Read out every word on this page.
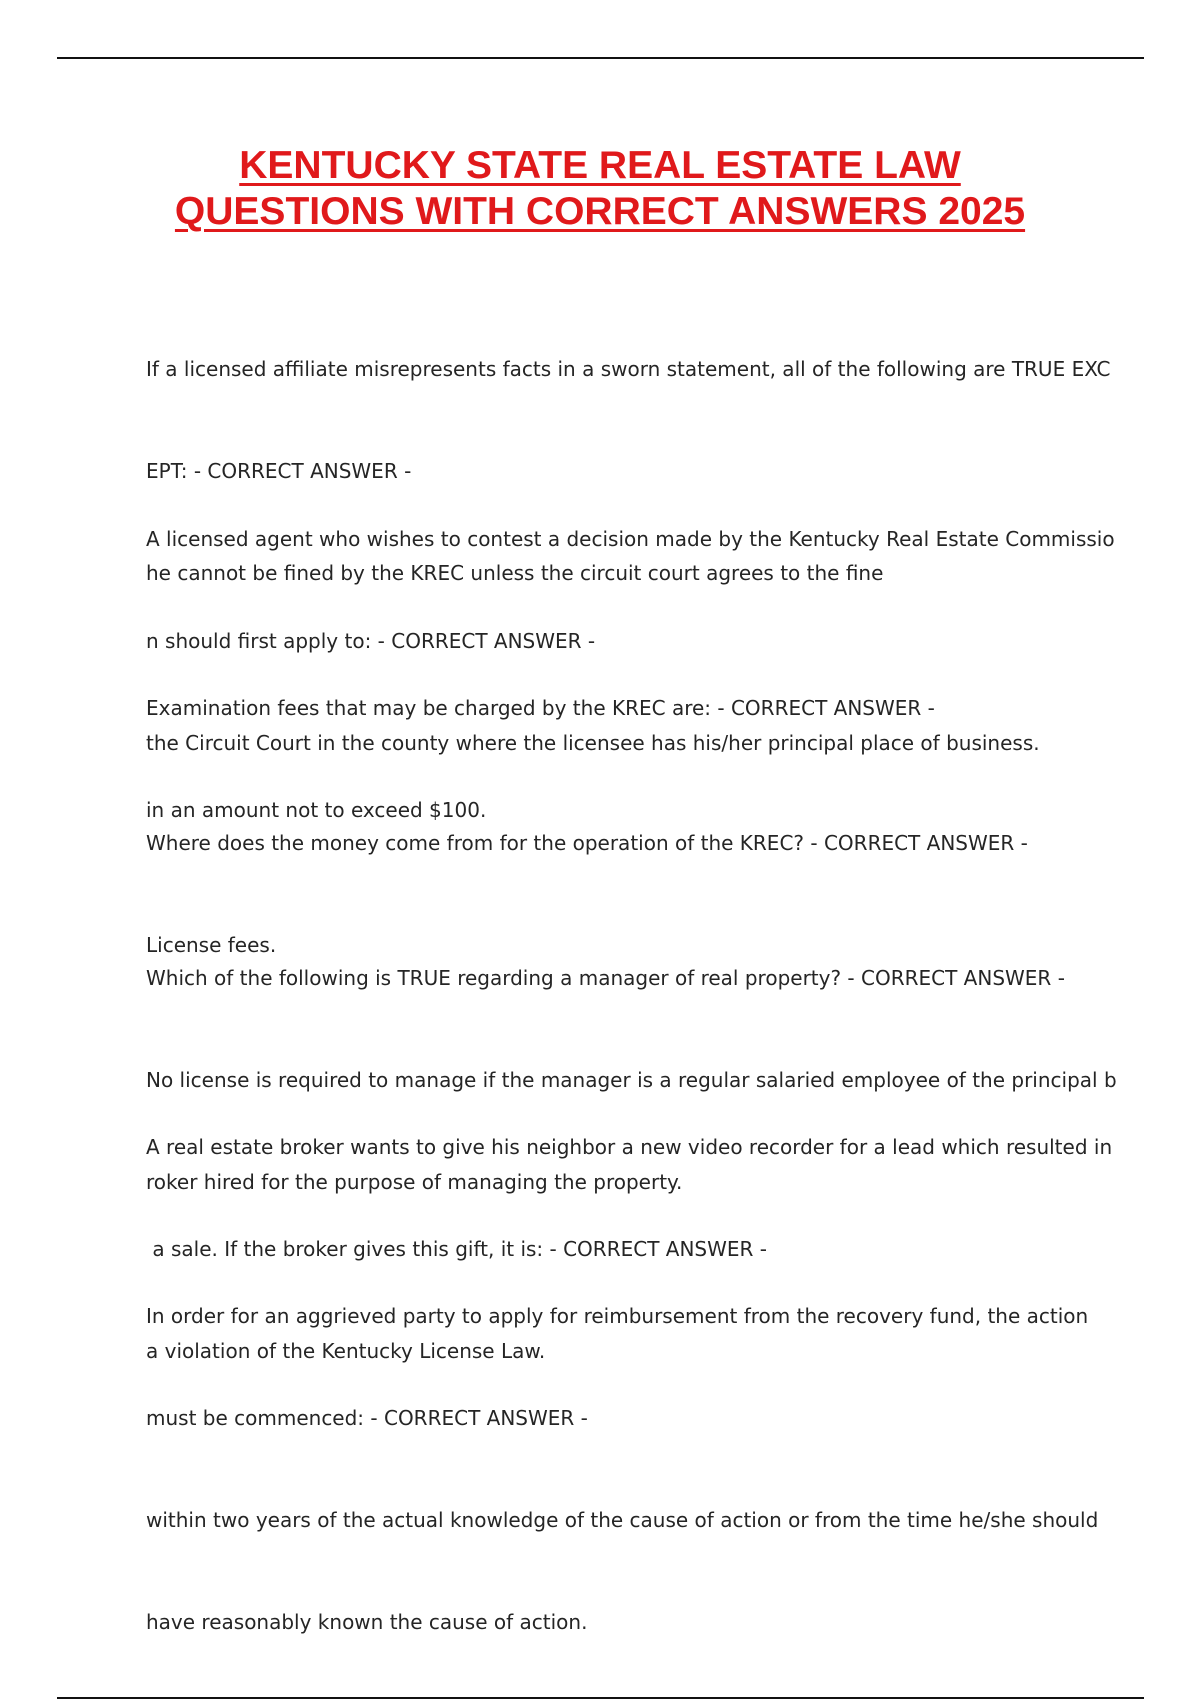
KENTUCKY STATE REAL ESTATE LAW
QUESTIONS WITH CORRECT ANSWERS 2025

If a licensed affiliate misrepresents facts in a sworn statement, all of the following are TRUE EXC

EPT: - CORRECT ANSWER -

he cannot be fined by the KREC unless the circuit court agrees to the fine

A licensed agent who wishes to contest a decision made by the Kentucky Real Estate Commissio

n should first apply to: - CORRECT ANSWER -

the Circuit Court in the county where the licensee has his/her principal place of business.

Examination fees that may be charged by the KREC are: - CORRECT ANSWER -

in an amount not to exceed $100.

Where does the money come from for the operation of the KREC? - CORRECT ANSWER -

License fees.

Which of the following is TRUE regarding a manager of real property? - CORRECT ANSWER -

No license is required to manage if the manager is a regular salaried employee of the principal b

roker hired for the purpose of managing the property.

A real estate broker wants to give his neighbor a new video recorder for a lead which resulted in

a sale. If the broker gives this gift, it is: - CORRECT ANSWER -

a violation of the Kentucky License Law.

In order for an aggrieved party to apply for reimbursement from the recovery fund, the action

must be commenced: - CORRECT ANSWER -

within two years of the actual knowledge of the cause of action or from the time he/she should

have reasonably known the cause of action.
